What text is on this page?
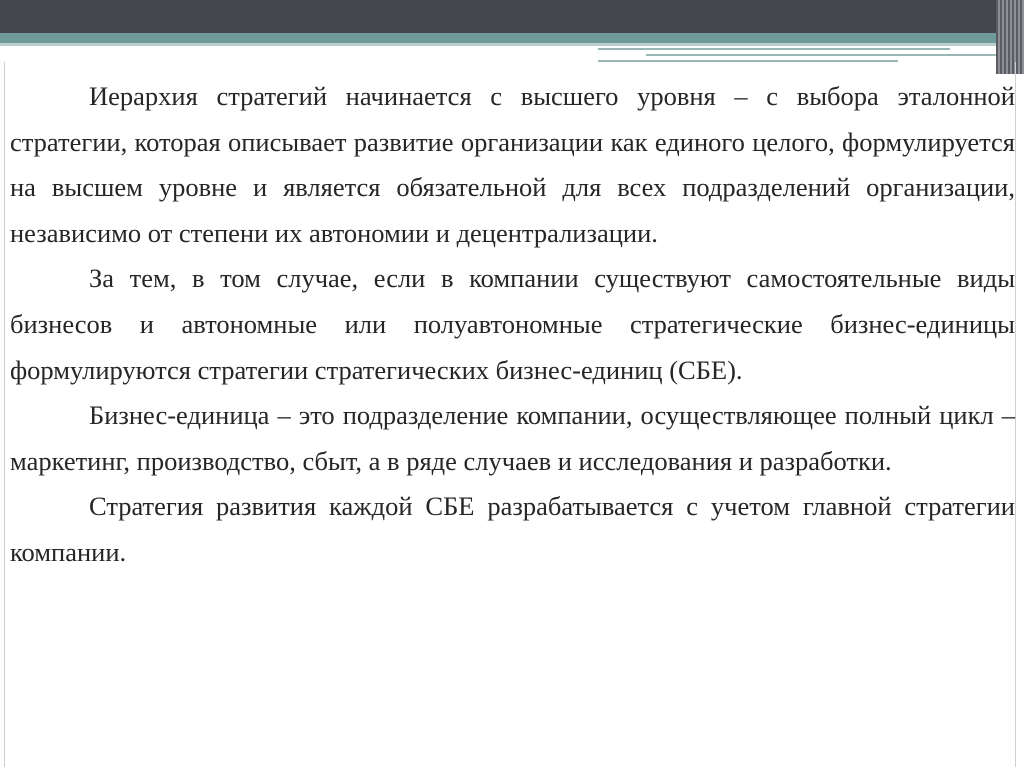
Иерархия стратегий начинается с высшего уровня – с выбора эталонной стратегии, которая описывает развитие организации как единого целого, формулируется на высшем уровне и является обязательной для всех подразделений организации, независимо от степени их автономии и децентрализации.

За тем, в том случае, если в компании существуют самостоятельные виды бизнесов и автономные или полуавтономные стратегические бизнес-единицы формулируются стратегии стратегических бизнес-единиц (СБЕ).

Бизнес-единица – это подразделение компании, осуществляющее полный цикл – маркетинг, производство, сбыт, а в ряде случаев и исследования и разработки.

Стратегия развития каждой СБЕ разрабатывается с учетом главной стратегии компании.
